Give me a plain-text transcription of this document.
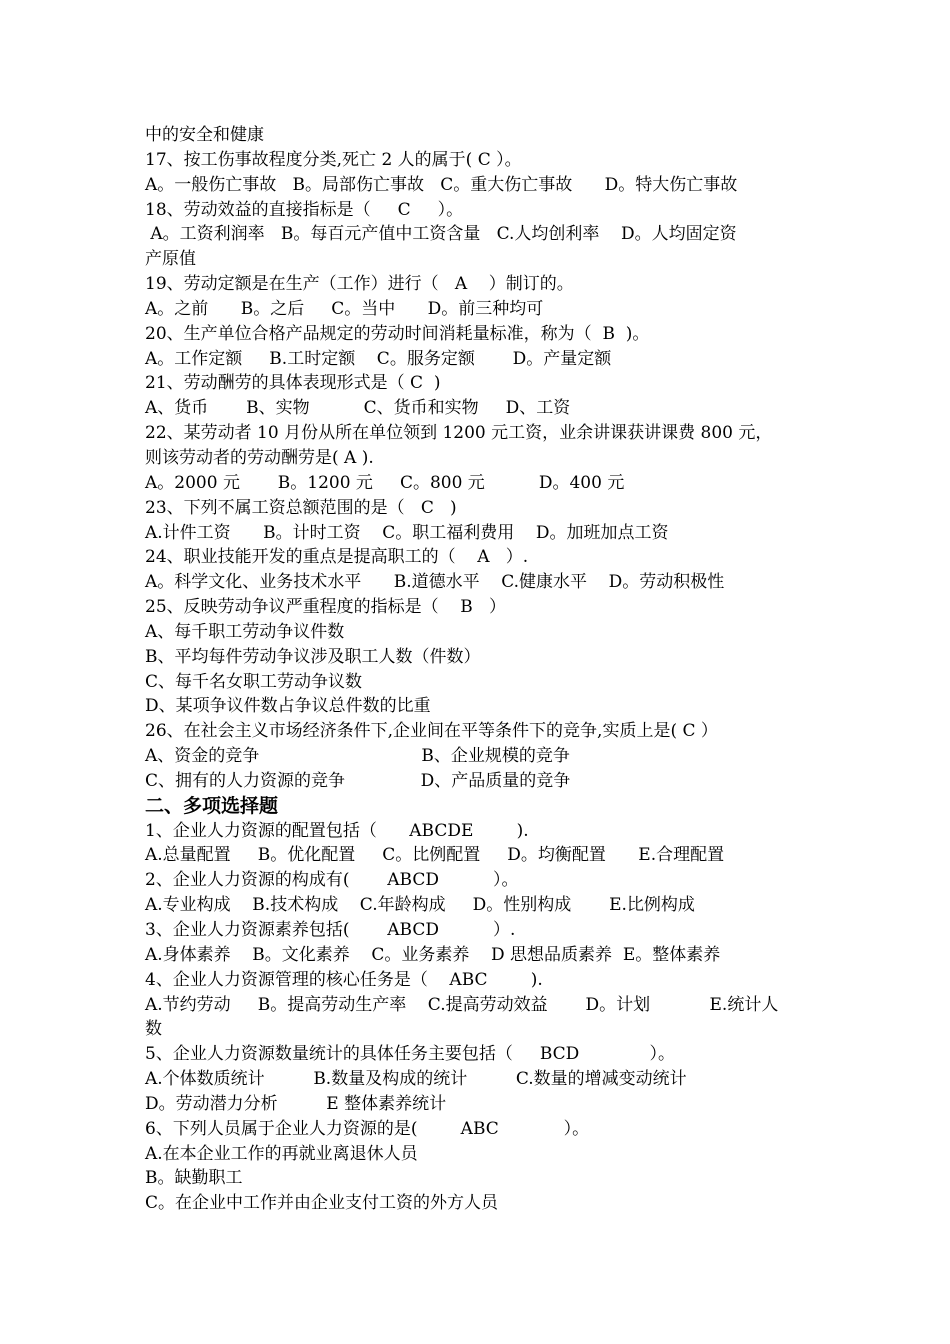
中的安全和健康
17、按工伤事故程度分类,死亡 2 人的属于( C ）。
A。一般伤亡事故   B。局部伤亡事故   C。重大伤亡事故      D。特大伤亡事故
18、劳动效益的直接指标是（     C     ）。
A。工资利润率   B。每百元产值中工资含量   C.人均创利率    D。人均固定资
产原值
19、劳动定额是在生产（工作）进行（   A    ）制订的。
A。之前      B。之后     C。当中      D。前三种均可
20、生产单位合格产品规定的劳动时间消耗量标准，称为（  B  )。
A。工作定额     B.工时定额    C。服务定额       D。产量定额
21、劳动酬劳的具体表现形式是（ C  )
A、货币       B、实物          C、货币和实物     D、工资
22、某劳动者 10 月份从所在单位领到 1200 元工资，业余讲课获讲课费 800 元，
则该劳动者的劳动酬劳是( A ).
A。2000 元       B。1200 元     C。800 元          D。400 元
23、下列不属工资总额范围的是（   C   )
A.计件工资      B。计时工资    C。职工福利费用    D。加班加点工资
24、职业技能开发的重点是提高职工的（    A   ）.
A。科学文化、业务技术水平      B.道德水平    C.健康水平    D。劳动积极性
25、反映劳动争议严重程度的指标是（    B   ）
A、每千职工劳动争议件数
B、平均每件劳动争议涉及职工人数（件数）
C、每千名女职工劳动争议数
D、某项争议件数占争议总件数的比重
26、在社会主义市场经济条件下,企业间在平等条件下的竞争,实质上是( C ）
A、资金的竞争                              B、企业规模的竞争
C、拥有的人力资源的竞争              D、产品质量的竞争
二、多项选择题
1、企业人力资源的配置包括（      ABCDE        ).
A.总量配置     B。优化配置     C。比例配置     D。均衡配置      E.合理配置
2、企业人力资源的构成有(       ABCD          ）。
A.专业构成    B.技术构成    C.年龄构成     D。性别构成       E.比例构成
3、企业人力资源素养包括(       ABCD          ）.
A.身体素养    B。文化素养    C。业务素养    D 思想品质素养  E。整体素养
4、企业人力资源管理的核心任务是（    ABC        ).
A.节约劳动     B。提高劳动生产率    C.提高劳动效益       D。计划           E.统计人
数
5、企业人力资源数量统计的具体任务主要包括（     BCD             ）。
A.个体数质统计         B.数量及构成的统计         C.数量的增减变动统计
D。劳动潜力分析         E 整体素养统计
6、下列人员属于企业人力资源的是(        ABC            ）。
A.在本企业工作的再就业离退休人员
B。缺勤职工
C。在企业中工作并由企业支付工资的外方人员
